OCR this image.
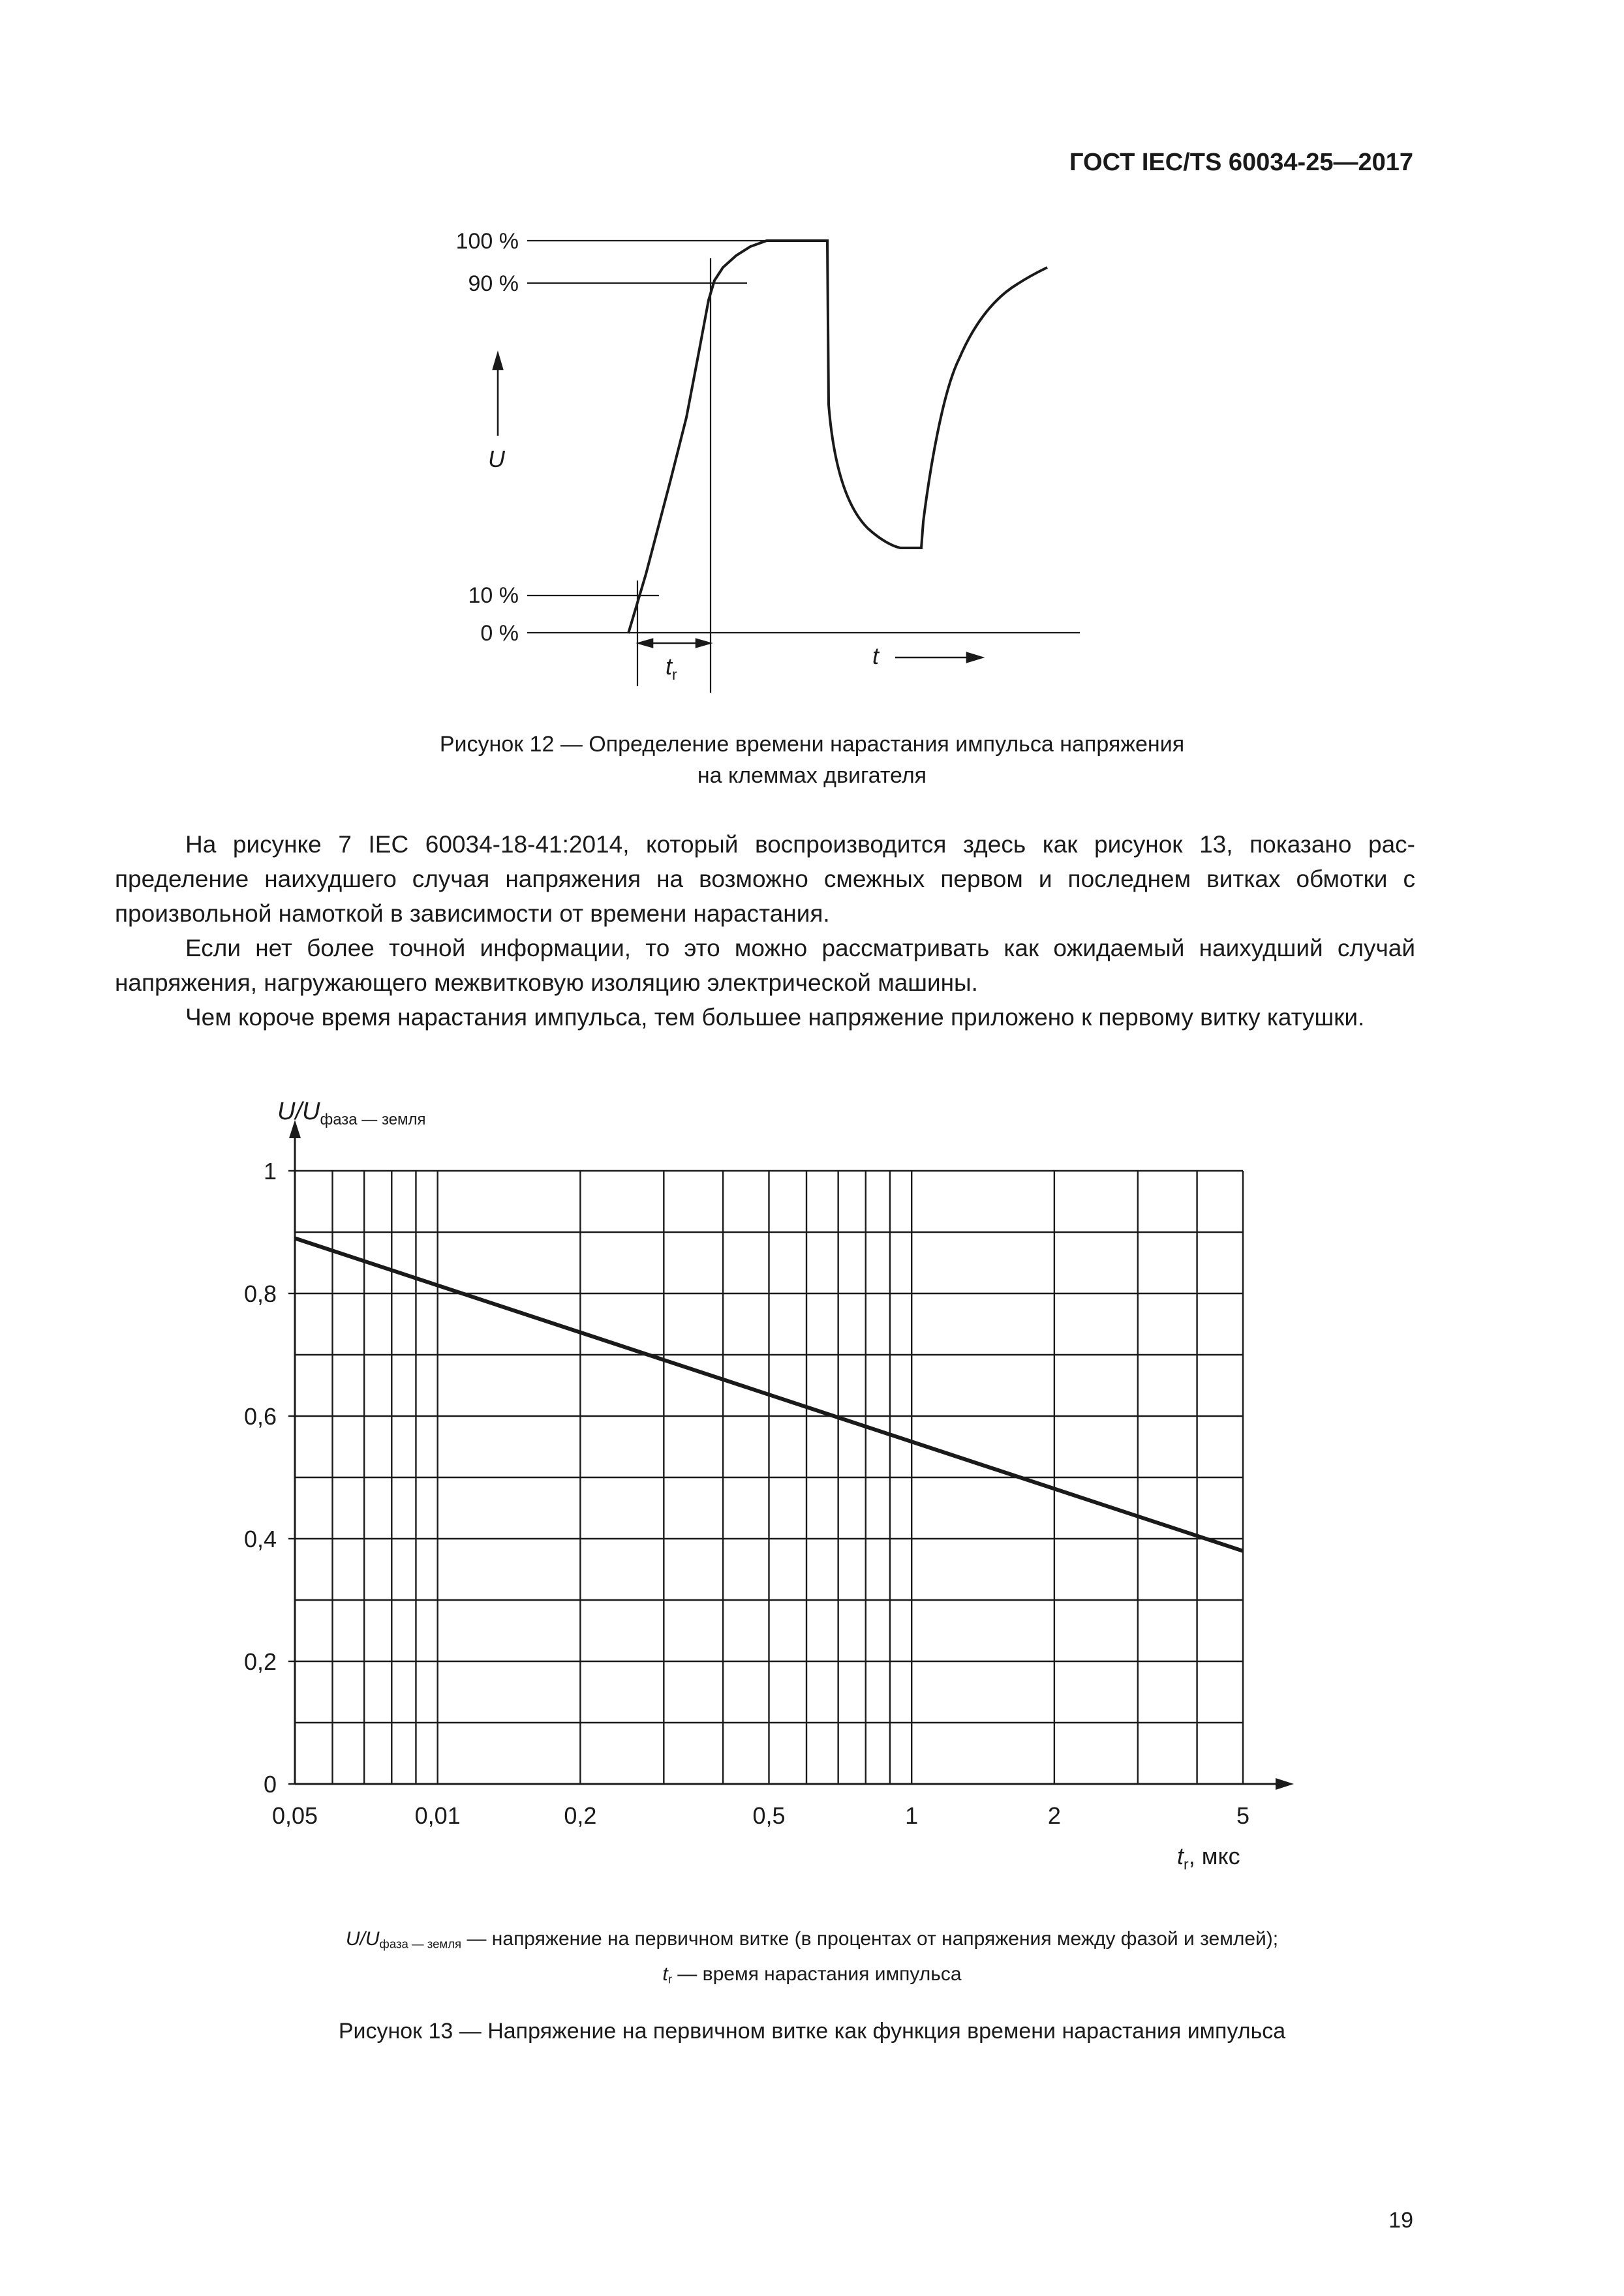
ГОСТ IEC/TS 60034-25—2017
100 %
90 %
10 %
0 %
U
t
$t_r$
Рисунок 12 — Определение времени нарастания импульса напряжения
на клеммах двигателя

На рисунке 7 IEC 60034-18-41:2014, который воспроизводится здесь как рисунок 13, показано распределение наихудшего случая напряжения на возможно смежных первом и последнем витках обмотки с произвольной намоткой в зависимости от времени нарастания.

Если нет более точной информации, то это можно рассматривать как ожидаемый наихудший случай напряжения, нагружающего межвитковую изоляцию электрической машины.

Чем короче время нарастания импульса, тем большее напряжение приложено к первому витку катушки.

0
0,2
0,4
0,6
0,8
1
0,05	0,01	0,2	0,5	1	2	5
$U/U_{фаза — земля}$
$t_r$, мкс
$U/U_{фаза — земля}$ — напряжение на первичном витке (в процентах от напряжения между фазой и землей);
$t_r$ — время нарастания импульса
Рисунок 13 — Напряжение на первичном витке как функция времени нарастания импульса
19
